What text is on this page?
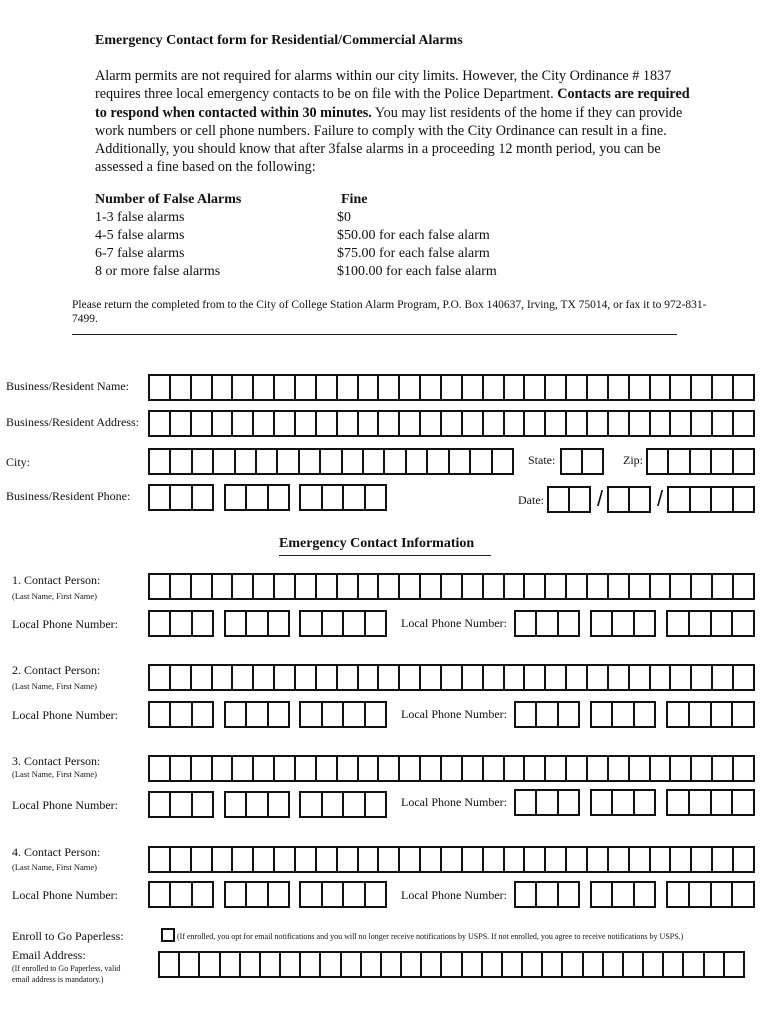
Emergency Contact form for Residential/Commercial Alarms
Alarm permits are not required for alarms within our city limits. However, the City Ordinance # 1837 requires three local emergency contacts to be on file with the Police Department. Contacts are required to respond when contacted within 30 minutes. You may list residents of the home if they can provide work numbers or cell phone numbers. Failure to comply with the City Ordinance can result in a fine. Additionally, you should know that after 3false alarms in a proceeding 12 month period, you can be assessed a fine based on the following:
Number of False Alarms	Fine
1-3 false alarms	$0
4-5 false alarms	$50.00 for each false alarm
6-7 false alarms	$75.00 for each false alarm
8 or more false alarms	$100.00 for each false alarm
Please return the completed from to the City of College Station Alarm Program, P.O. Box 140637, Irving, TX 75014, or fax it to 972-831-7499.
Business/Resident Name:
Business/Resident Address:
City:	State:	Zip:
Business/Resident Phone:	Date: / /
Emergency Contact Information
1. Contact Person:
(Last Name, First Name)
Local Phone Number:	Local Phone Number:
2. Contact Person:
(Last Name, First Name)
Local Phone Number:	Local Phone Number:
3. Contact Person:
(Last Name, First Name)
Local Phone Number:	Local Phone Number:
4. Contact Person:
(Last Name, First Name)
Local Phone Number:	Local Phone Number:
Enroll to Go Paperless:	(If enrolled, you opt for email notifications and you will no longer receive notifications by USPS. If not enrolled, you agree to receive notifications by USPS.)
Email Address:
(If enrolled to Go Paperless, valid
email address is mandatory.)
